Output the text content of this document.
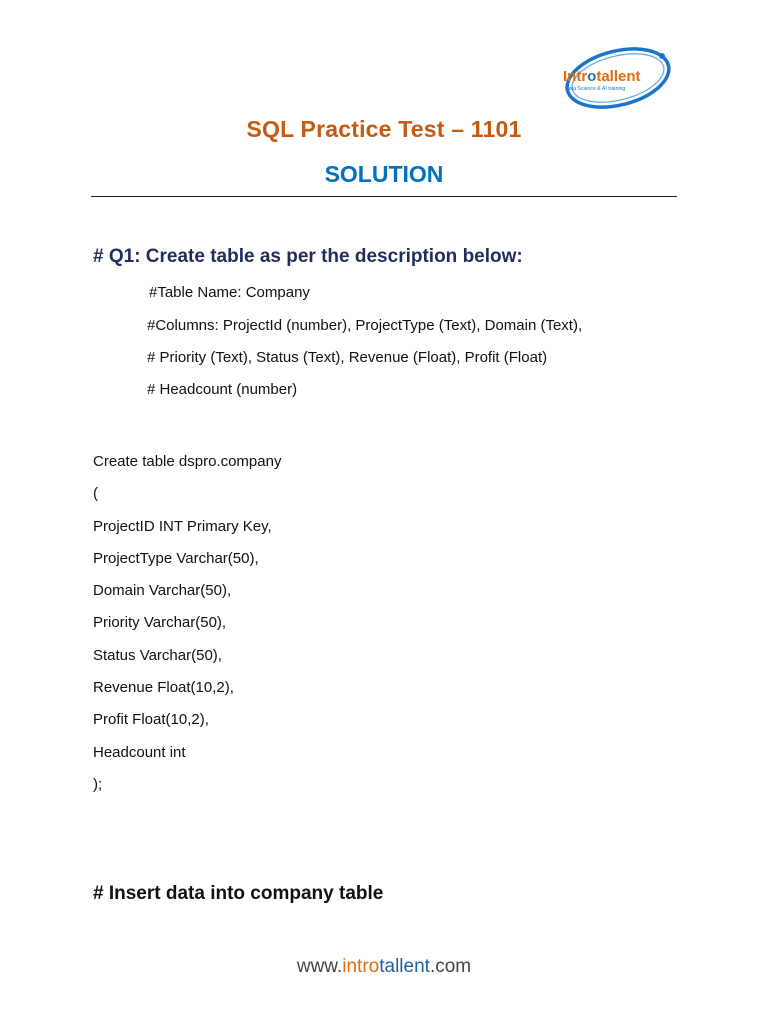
Introtallent
Data Science & AI training
SQL Practice Test – 1101
SOLUTION
# Q1: Create table as per the description below:
#Table Name: Company
#Columns: ProjectId (number), ProjectType (Text), Domain (Text),
# Priority (Text), Status (Text), Revenue (Float), Profit (Float)
# Headcount (number)
Create table dspro.company
(
ProjectID INT Primary Key,
ProjectType Varchar(50),
Domain Varchar(50),
Priority Varchar(50),
Status Varchar(50),
Revenue Float(10,2),
Profit Float(10,2),
Headcount int
);
# Insert data into company table
www.introtallent.com
